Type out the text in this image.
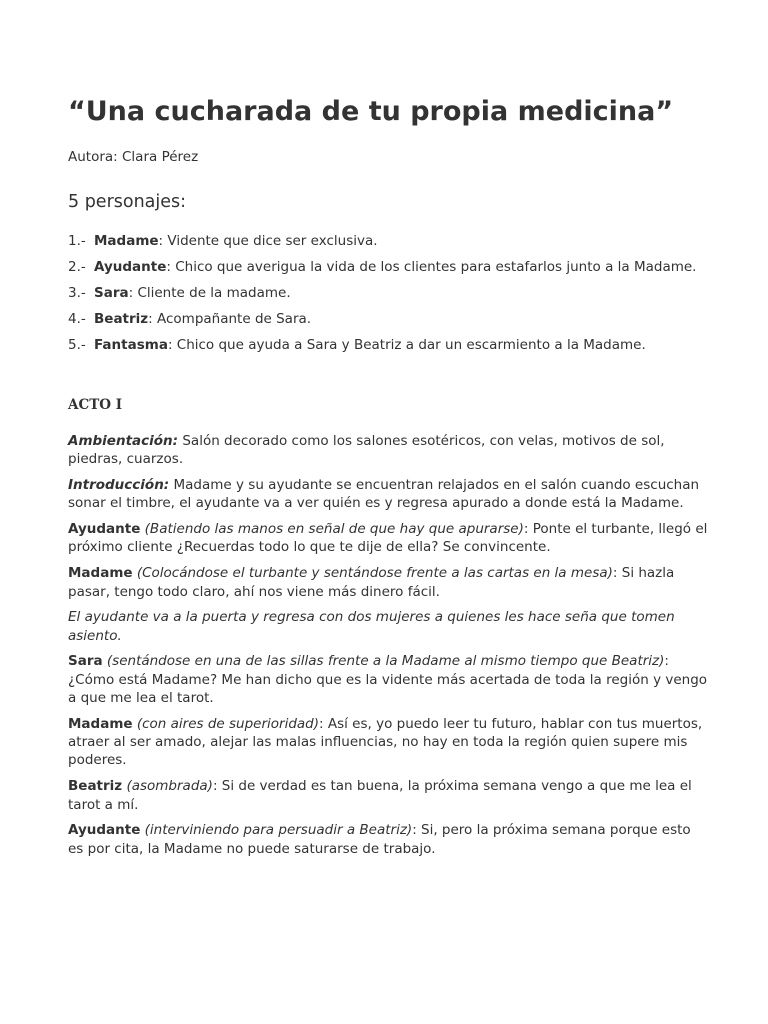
“Una cucharada de tu propia medicina”
Autora: Clara Pérez
5 personajes:
1.- Madame: Vidente que dice ser exclusiva.
2.- Ayudante: Chico que averigua la vida de los clientes para estafarlos junto a la Madame.
3.- Sara: Cliente de la madame.
4.- Beatriz: Acompañante de Sara.
5.- Fantasma: Chico que ayuda a Sara y Beatriz a dar un escarmiento a la Madame.
ACTO I

Ambientación: Salón decorado como los salones esotéricos, con velas, motivos de sol, piedras, cuarzos.

Introducción: Madame y su ayudante se encuentran relajados en el salón cuando escuchan sonar el timbre, el ayudante va a ver quién es y regresa apurado a donde está la Madame.

Ayudante (Batiendo las manos en señal de que hay que apurarse): Ponte el turbante, llegó el próximo cliente ¿Recuerdas todo lo que te dije de ella? Se convincente.

Madame (Colocándose el turbante y sentándose frente a las cartas en la mesa): Si hazla pasar, tengo todo claro, ahí nos viene más dinero fácil.

El ayudante va a la puerta y regresa con dos mujeres a quienes les hace seña que tomen asiento.

Sara (sentándose en una de las sillas frente a la Madame al mismo tiempo que Beatriz): ¿Cómo está Madame? Me han dicho que es la vidente más acertada de toda la región y vengo a que me lea el tarot.

Madame (con aires de superioridad): Así es, yo puedo leer tu futuro, hablar con tus muertos, atraer al ser amado, alejar las malas influencias, no hay en toda la región quien supere mis poderes.

Beatriz (asombrada): Si de verdad es tan buena, la próxima semana vengo a que me lea el tarot a mí.

Ayudante (interviniendo para persuadir a Beatriz): Si, pero la próxima semana porque esto es por cita, la Madame no puede saturarse de trabajo.
